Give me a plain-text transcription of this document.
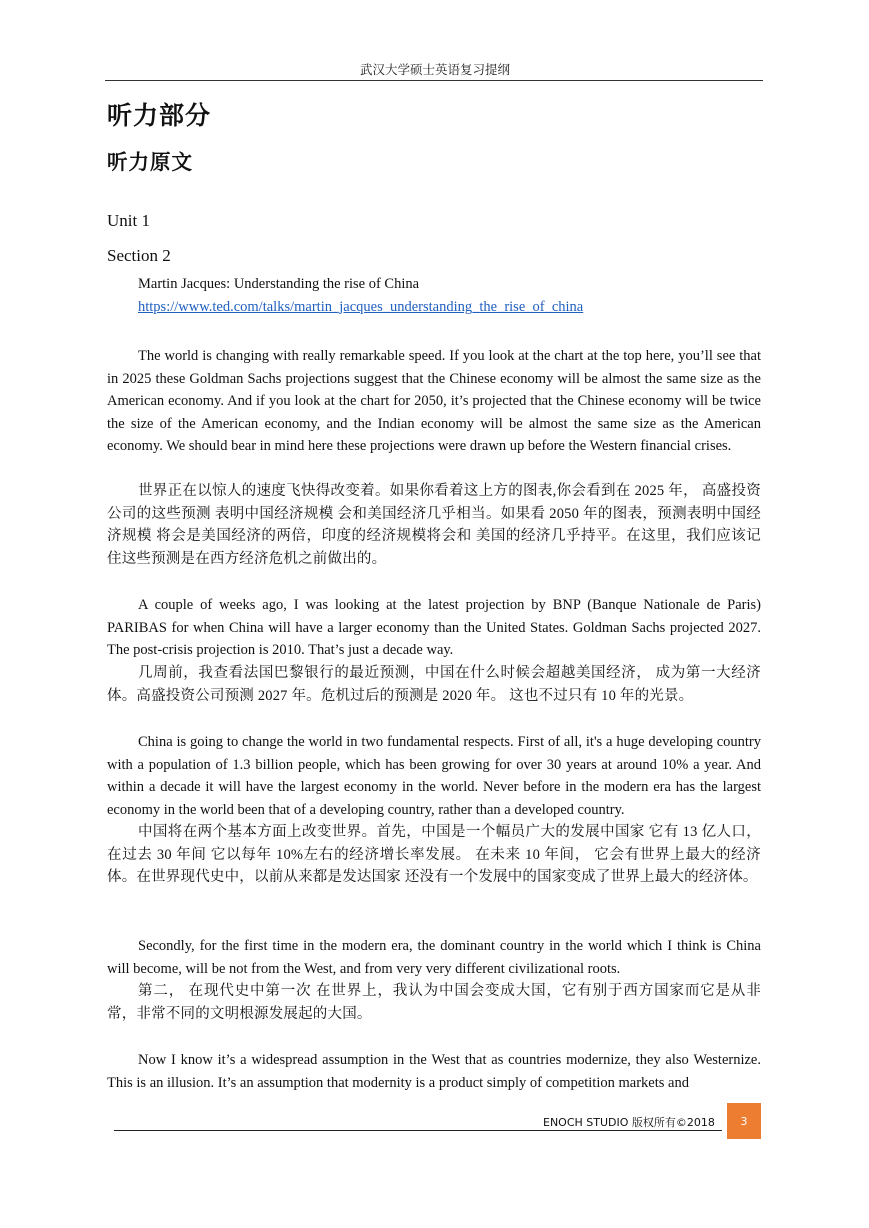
武汉大学硕士英语复习提纲
听力部分
听力原文
Unit 1
Section 2
Martin Jacques: Understanding the rise of China
https://www.ted.com/talks/martin_jacques_understanding_the_rise_of_china

The world is changing with really remarkable speed. If you look at the chart at the top here, you’ll see that in 2025 these Goldman Sachs projections suggest that the Chinese economy will be almost the same size as the American economy. And if you look at the chart for 2050, it’s projected that the Chinese economy will be twice the size of the American economy, and the Indian economy will be almost the same size as the American economy. We should bear in mind here these projections were drawn up before the Western financial crises.

世界正在以惊人的速度飞快得改变着。如果你看着这上方的图表,你会看到在 2025 年， 高盛投资公司的这些预测 表明中国经济规模 会和美国经济几乎相当。如果看 2050 年的图表，预测表明中国经济规模 将会是美国经济的两倍，印度的经济规模将会和 美国的经济几乎持平。在这里，我们应该记住这些预测是在西方经济危机之前做出的。

A couple of weeks ago, I was looking at the latest projection by BNP (Banque Nationale de Paris) PARIBAS for when China will have a larger economy than the United States. Goldman Sachs projected 2027. The post-crisis projection is 2010. That’s just a decade way.

几周前，我查看法国巴黎银行的最近预测，中国在什么时候会超越美国经济， 成为第一大经济体。高盛投资公司预测 2027 年。危机过后的预测是 2020 年。 这也不过只有 10 年的光景。

China is going to change the world in two fundamental respects. First of all, it's a huge developing country with a population of 1.3 billion people, which has been growing for over 30 years at around 10% a year. And within a decade it will have the largest economy in the world. Never before in the modern era has the largest economy in the world been that of a developing country, rather than a developed country.

中国将在两个基本方面上改变世界。首先，中国是一个幅员广大的发展中国家 它有 13 亿人口，在过去 30 年间 它以每年 10%左右的经济增长率发展。 在未来 10 年间， 它会有世界上最大的经济体。在世界现代史中，以前从来都是发达国家 还没有一个发展中的国家变成了世界上最大的经济体。

Secondly, for the first time in the modern era, the dominant country in the world which I think is China will become, will be not from the West, and from very very different civilizational roots.

第二， 在现代史中第一次 在世界上，我认为中国会变成大国，它有别于西方国家而它是从非常，非常不同的文明根源发展起的大国。

Now I know it’s a widespread assumption in the West that as countries modernize, they also Westernize. This is an illusion. It’s an assumption that modernity is a product simply of competition markets and

ENOCH STUDIO 版权所有©2018	3
